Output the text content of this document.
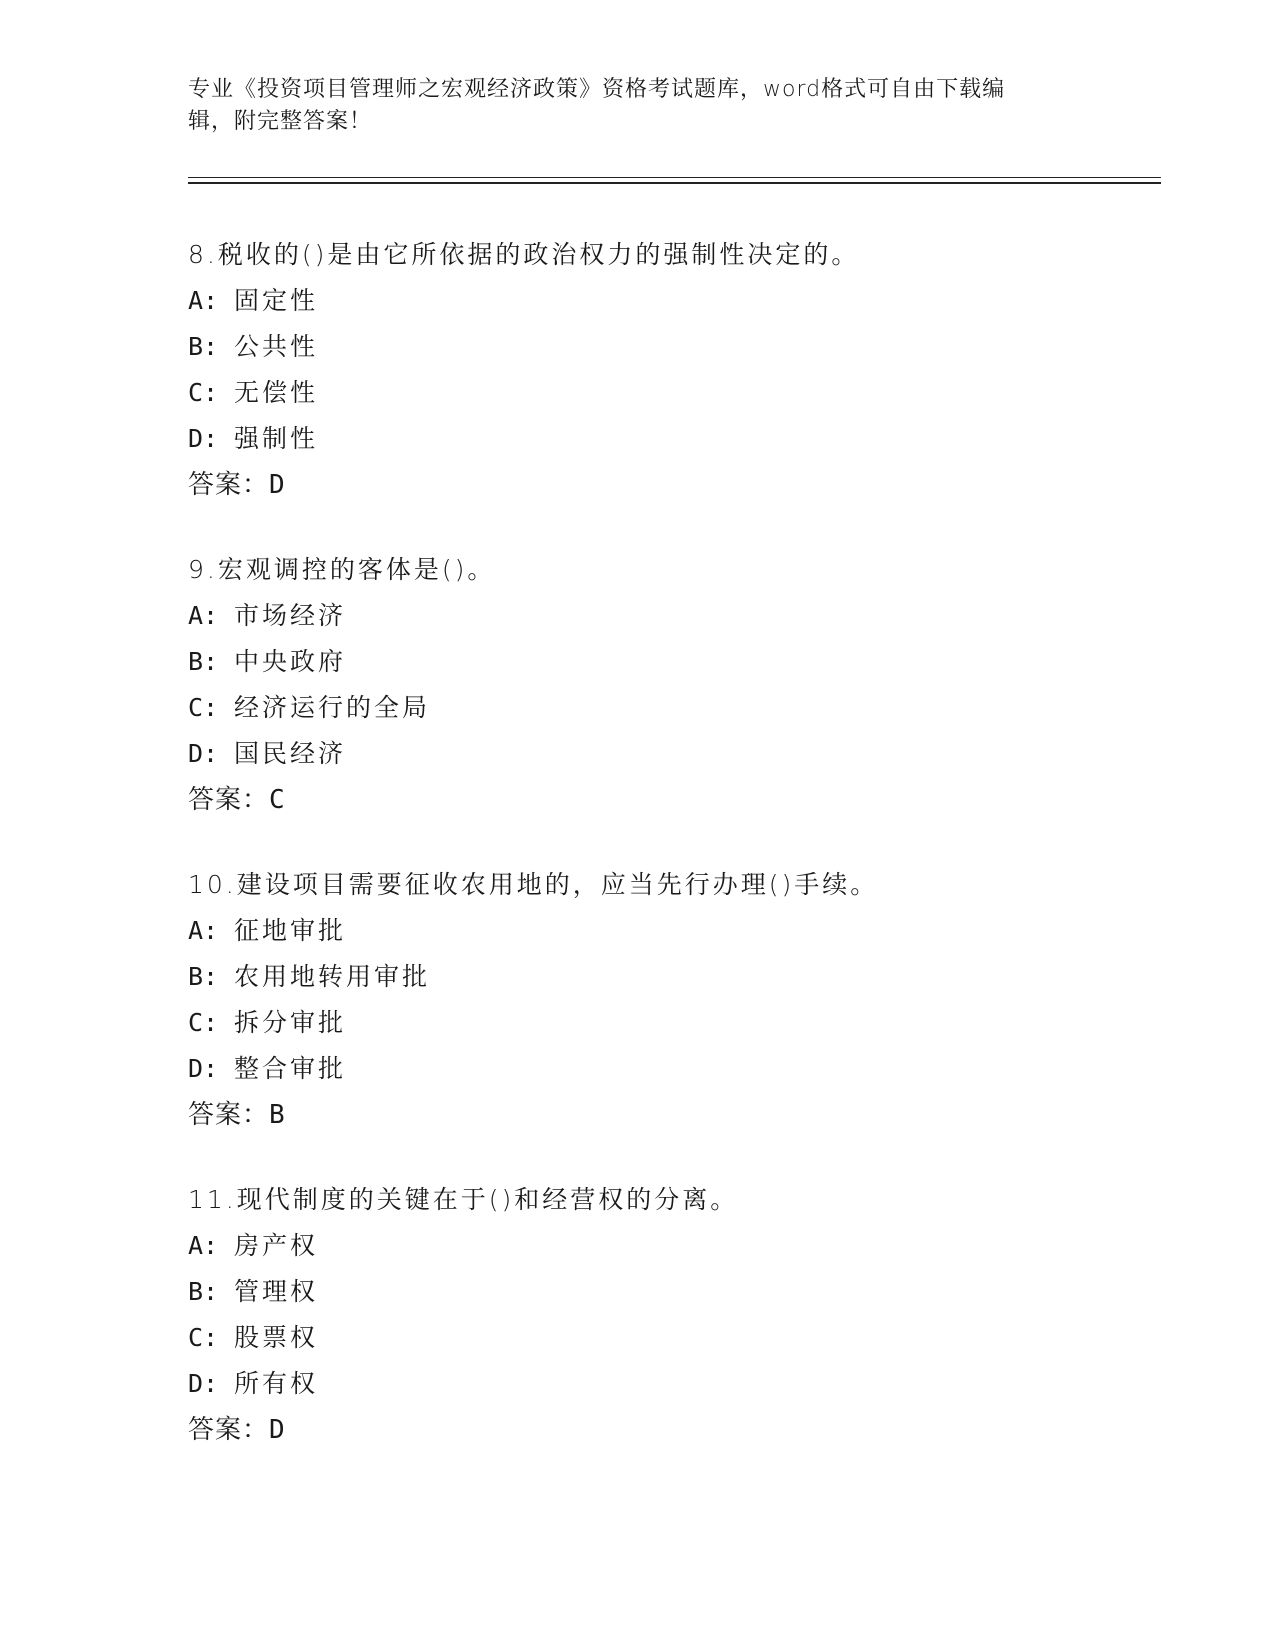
专业《投资项目管理师之宏观经济政策》资格考试题库，word格式可自由下载编
辑，附完整答案！
8.税收的()是由它所依据的政治权力的强制性决定的。
A: 固定性
B: 公共性
C: 无偿性
D: 强制性
答案：D
9.宏观调控的客体是()。
A: 市场经济
B: 中央政府
C: 经济运行的全局
D: 国民经济
答案：C
10.建设项目需要征收农用地的，应当先行办理()手续。
A: 征地审批
B: 农用地转用审批
C: 拆分审批
D: 整合审批
答案：B
11.现代制度的关键在于()和经营权的分离。
A: 房产权
B: 管理权
C: 股票权
D: 所有权
答案：D
